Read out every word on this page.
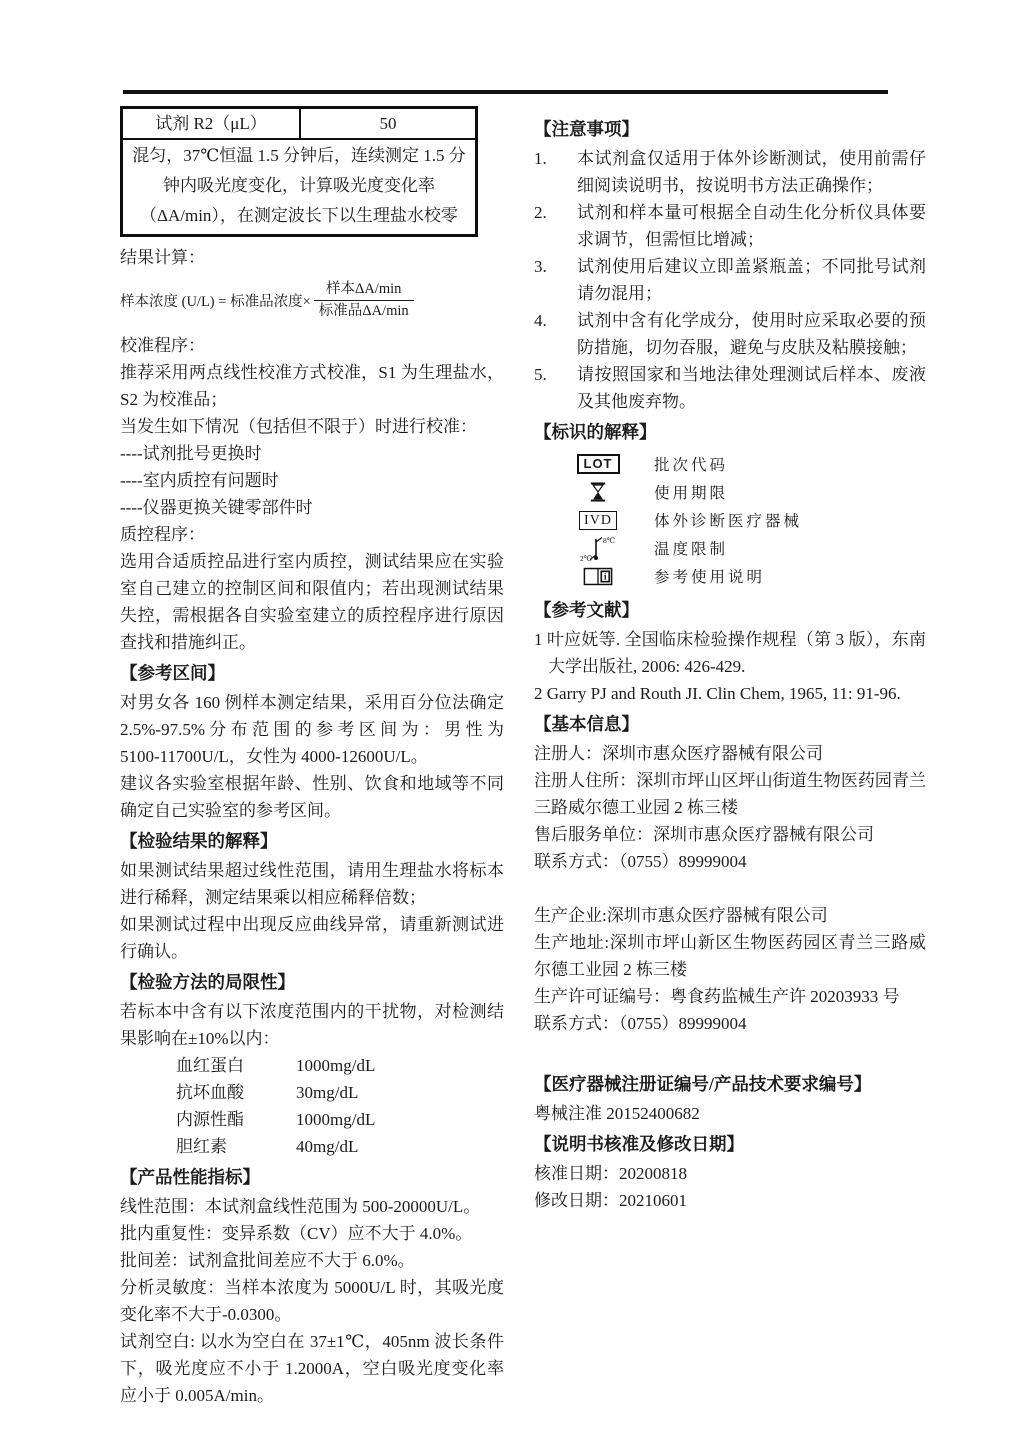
试剂 R2（μL）	50
混匀，37℃恒温 1.5 分钟后，连续测定 1.5 分钟内吸光度变化，计算吸光度变化率（ΔA/min），在测定波长下以生理盐水校零

结果计算：

样本浓度 (U/L) = 标准品浓度× $\frac{\text{样本ΔA/min}}{\text{标准品ΔA/min}}$

校准程序：

推荐采用两点线性校准方式校准，S1 为生理盐水，S2 为校准品；

当发生如下情况（包括但不限于）时进行校准：

----试剂批号更换时

----室内质控有问题时

----仪器更换关键零部件时

质控程序：

选用合适质控品进行室内质控，测试结果应在实验室自己建立的控制区间和限值内；若出现测试结果失控，需根据各自实验室建立的质控程序进行原因查找和措施纠正。

【参考区间】

对男女各 160 例样本测定结果，采用百分位法确定 2.5%-97.5% 分 布 范 围 的 参 考 区 间 为 ： 男 性 为 5100-11700U/L，女性为 4000-12600U/L。

建议各实验室根据年龄、性别、饮食和地域等不同确定自己实验室的参考区间。

【检验结果的解释】

如果测试结果超过线性范围，请用生理盐水将标本进行稀释，测定结果乘以相应稀释倍数；

如果测试过程中出现反应曲线异常，请重新测试进行确认。

【检验方法的局限性】

若标本中含有以下浓度范围内的干扰物，对检测结果影响在±10%以内：

血红蛋白	1000mg/dL
抗坏血酸	30mg/dL
内源性酯	1000mg/dL
胆红素	40mg/dL

【产品性能指标】

线性范围：本试剂盒线性范围为 500-20000U/L。

批内重复性：变异系数（CV）应不大于 4.0%。

批间差：试剂盒批间差应不大于 6.0%。

分析灵敏度：当样本浓度为 5000U/L 时，其吸光度变化率不大于-0.0300。

试剂空白: 以水为空白在 37±1℃，405nm 波长条件下，吸光度应不小于 1.2000A，空白吸光度变化率应小于 0.005A/min。

【注意事项】

1.	本试剂盒仅适用于体外诊断测试，使用前需仔细阅读说明书，按说明书方法正确操作；
2.	试剂和样本量可根据全自动生化分析仪具体要求调节，但需恒比增减；
3.	试剂使用后建议立即盖紧瓶盖；不同批号试剂请勿混用；
4.	试剂中含有化学成分，使用时应采取必要的预防措施，切勿吞服，避免与皮肤及粘膜接触；
5.	请按照国家和当地法律处理测试后样本、废液及其他废弃物。

【标识的解释】

LOT	批次代码
使用期限
IVD	体外诊断医疗器械
8℃
2℃	温度限制
i	参考使用说明

【参考文献】

1 叶应妩等. 全国临床检验操作规程（第 3 版），东南大学出版社, 2006: 426-429.

2 Garry PJ and Routh JI. Clin Chem, 1965, 11: 91-96.

【基本信息】

注册人：深圳市惠众医疗器械有限公司

注册人住所：深圳市坪山区坪山街道生物医药园青兰三路威尔德工业园 2 栋三楼

售后服务单位：深圳市惠众医疗器械有限公司

联系方式：（0755）89999004

生产企业:深圳市惠众医疗器械有限公司

生产地址:深圳市坪山新区生物医药园区青兰三路威尔德工业园 2 栋三楼

生产许可证编号：粤食药监械生产许 20203933 号

联系方式：（0755）89999004

【医疗器械注册证编号/产品技术要求编号】

粤械注准 20152400682

【说明书核准及修改日期】

核准日期：20200818

修改日期：20210601
